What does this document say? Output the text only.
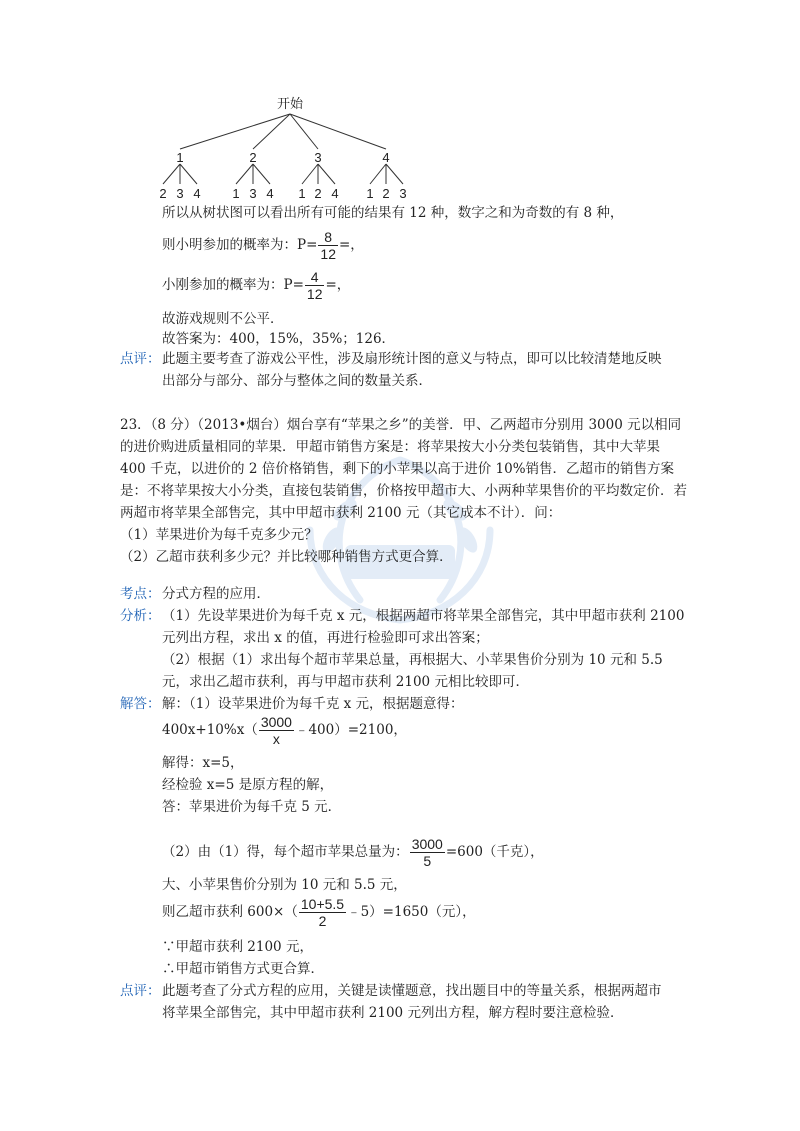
开始
1	2	3	4
2 3 4 1 3 4 1 2 4 1 2 3
所以从树状图可以看出所有可能的结果有 12 种，数字之和为奇数的有 8 种，
则小明参加的概率为：$P= \frac{8}{12}$ =，
小刚参加的概率为：$P= \frac{4}{12}$ =，
故游戏规则不公平．
故答案为：400，15%，35%；126．
点评： 此题主要考查了游戏公平性，涉及扇形统计图的意义与特点，即可以比较清楚地反映
出部分与部分、部分与整体之间的数量关系．
23．（8 分）（2013•烟台）烟台享有“苹果之乡”的美誉．甲、乙两超市分别用 3000 元以相同
的进价购进质量相同的苹果．甲超市销售方案是：将苹果按大小分类包装销售，其中大苹果
400 千克，以进价的 2 倍价格销售，剩下的小苹果以高于进价 10%销售．乙超市的销售方案
是：不将苹果按大小分类，直接包装销售，价格按甲超市大、小两种苹果售价的平均数定价．若
两超市将苹果全部售完，其中甲超市获利 2100 元（其它成本不计）．问：
（1）苹果进价为每千克多少元？
（2）乙超市获利多少元？并比较哪种销售方式更合算．
考点： 分式方程的应用．
分析： （1）先设苹果进价为每千克 x 元，根据两超市将苹果全部售完，其中甲超市获利 2100
元列出方程，求出 x 的值，再进行检验即可求出答案；
（2）根据（1）求出每个超市苹果总量，再根据大、小苹果售价分别为 10 元和 5.5
元，求出乙超市获利，再与甲超市获利 2100 元相比较即可．
解答： 解：（1）设苹果进价为每千克 x 元，根据题意得：
$400x+10\%x( \frac{3000}{x}$ ﹣400）=2100，
解得：x=5，
经检验 x=5 是原方程的解，
答：苹果进价为每千克 5 元．
（2）由（1）得，每个超市苹果总量为： $\frac{3000}{5} =600$（千克），
大、小苹果售价分别为 10 元和 5.5 元，
则乙超市获利 $600\times( \frac{10+5.5}{2}$ ﹣5）=1650（元），
∵甲超市获利 2100 元，
∴甲超市销售方式更合算．
点评： 此题考查了分式方程的应用，关键是读懂题意，找出题目中的等量关系，根据两超市
将苹果全部售完，其中甲超市获利 2100 元列出方程，解方程时要注意检验．
